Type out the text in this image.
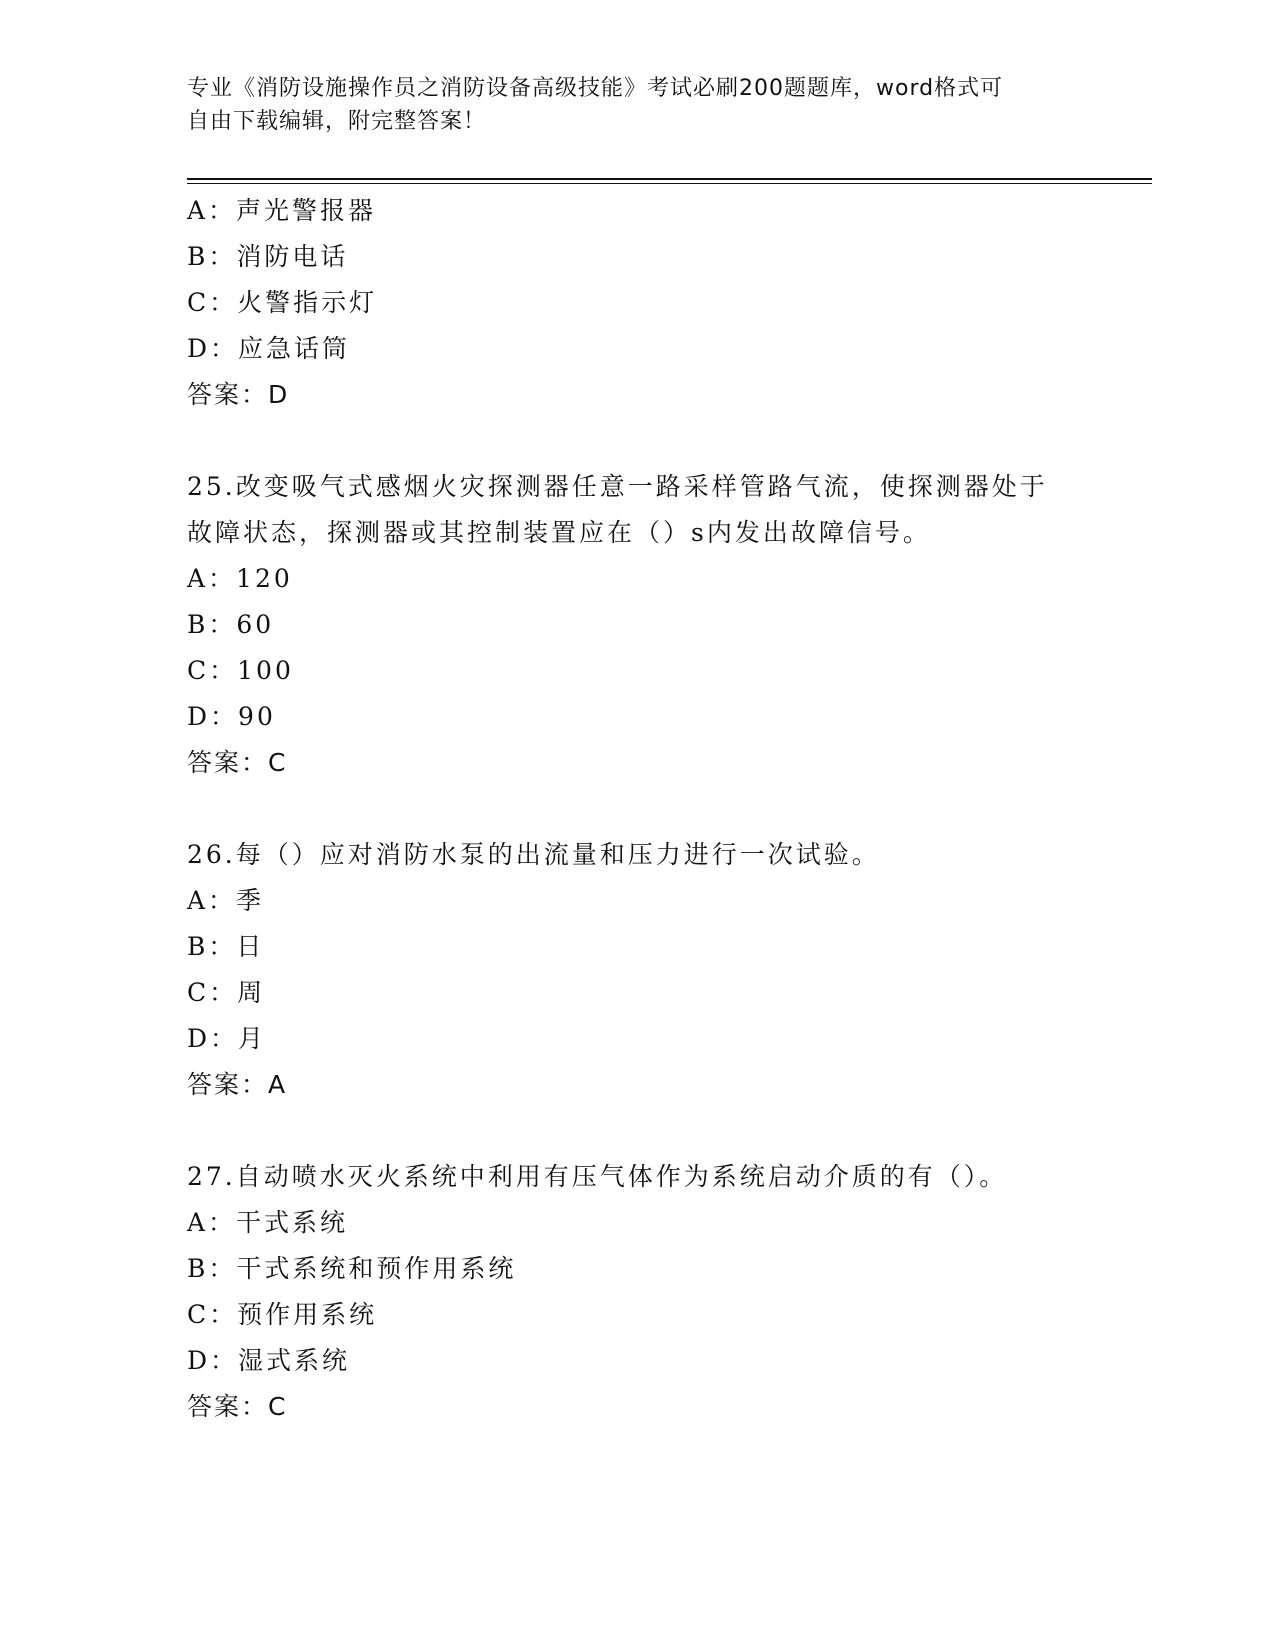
专业《消防设施操作员之消防设备高级技能》考试必刷200题题库，word格式可
自由下载编辑，附完整答案！
A：声光警报器
B：消防电话
C：火警指示灯
D：应急话筒
答案：D
25.改变吸气式感烟火灾探测器任意一路采样管路气流，使探测器处于
故障状态，探测器或其控制装置应在（）s内发出故障信号。
A：120
B：60
C：100
D：90
答案：C
26.每（）应对消防水泵的出流量和压力进行一次试验。
A：季
B：日
C：周
D：月
答案：A
27.自动喷水灭火系统中利用有压气体作为系统启动介质的有（）。
A：干式系统
B：干式系统和预作用系统
C：预作用系统
D：湿式系统
答案：C
